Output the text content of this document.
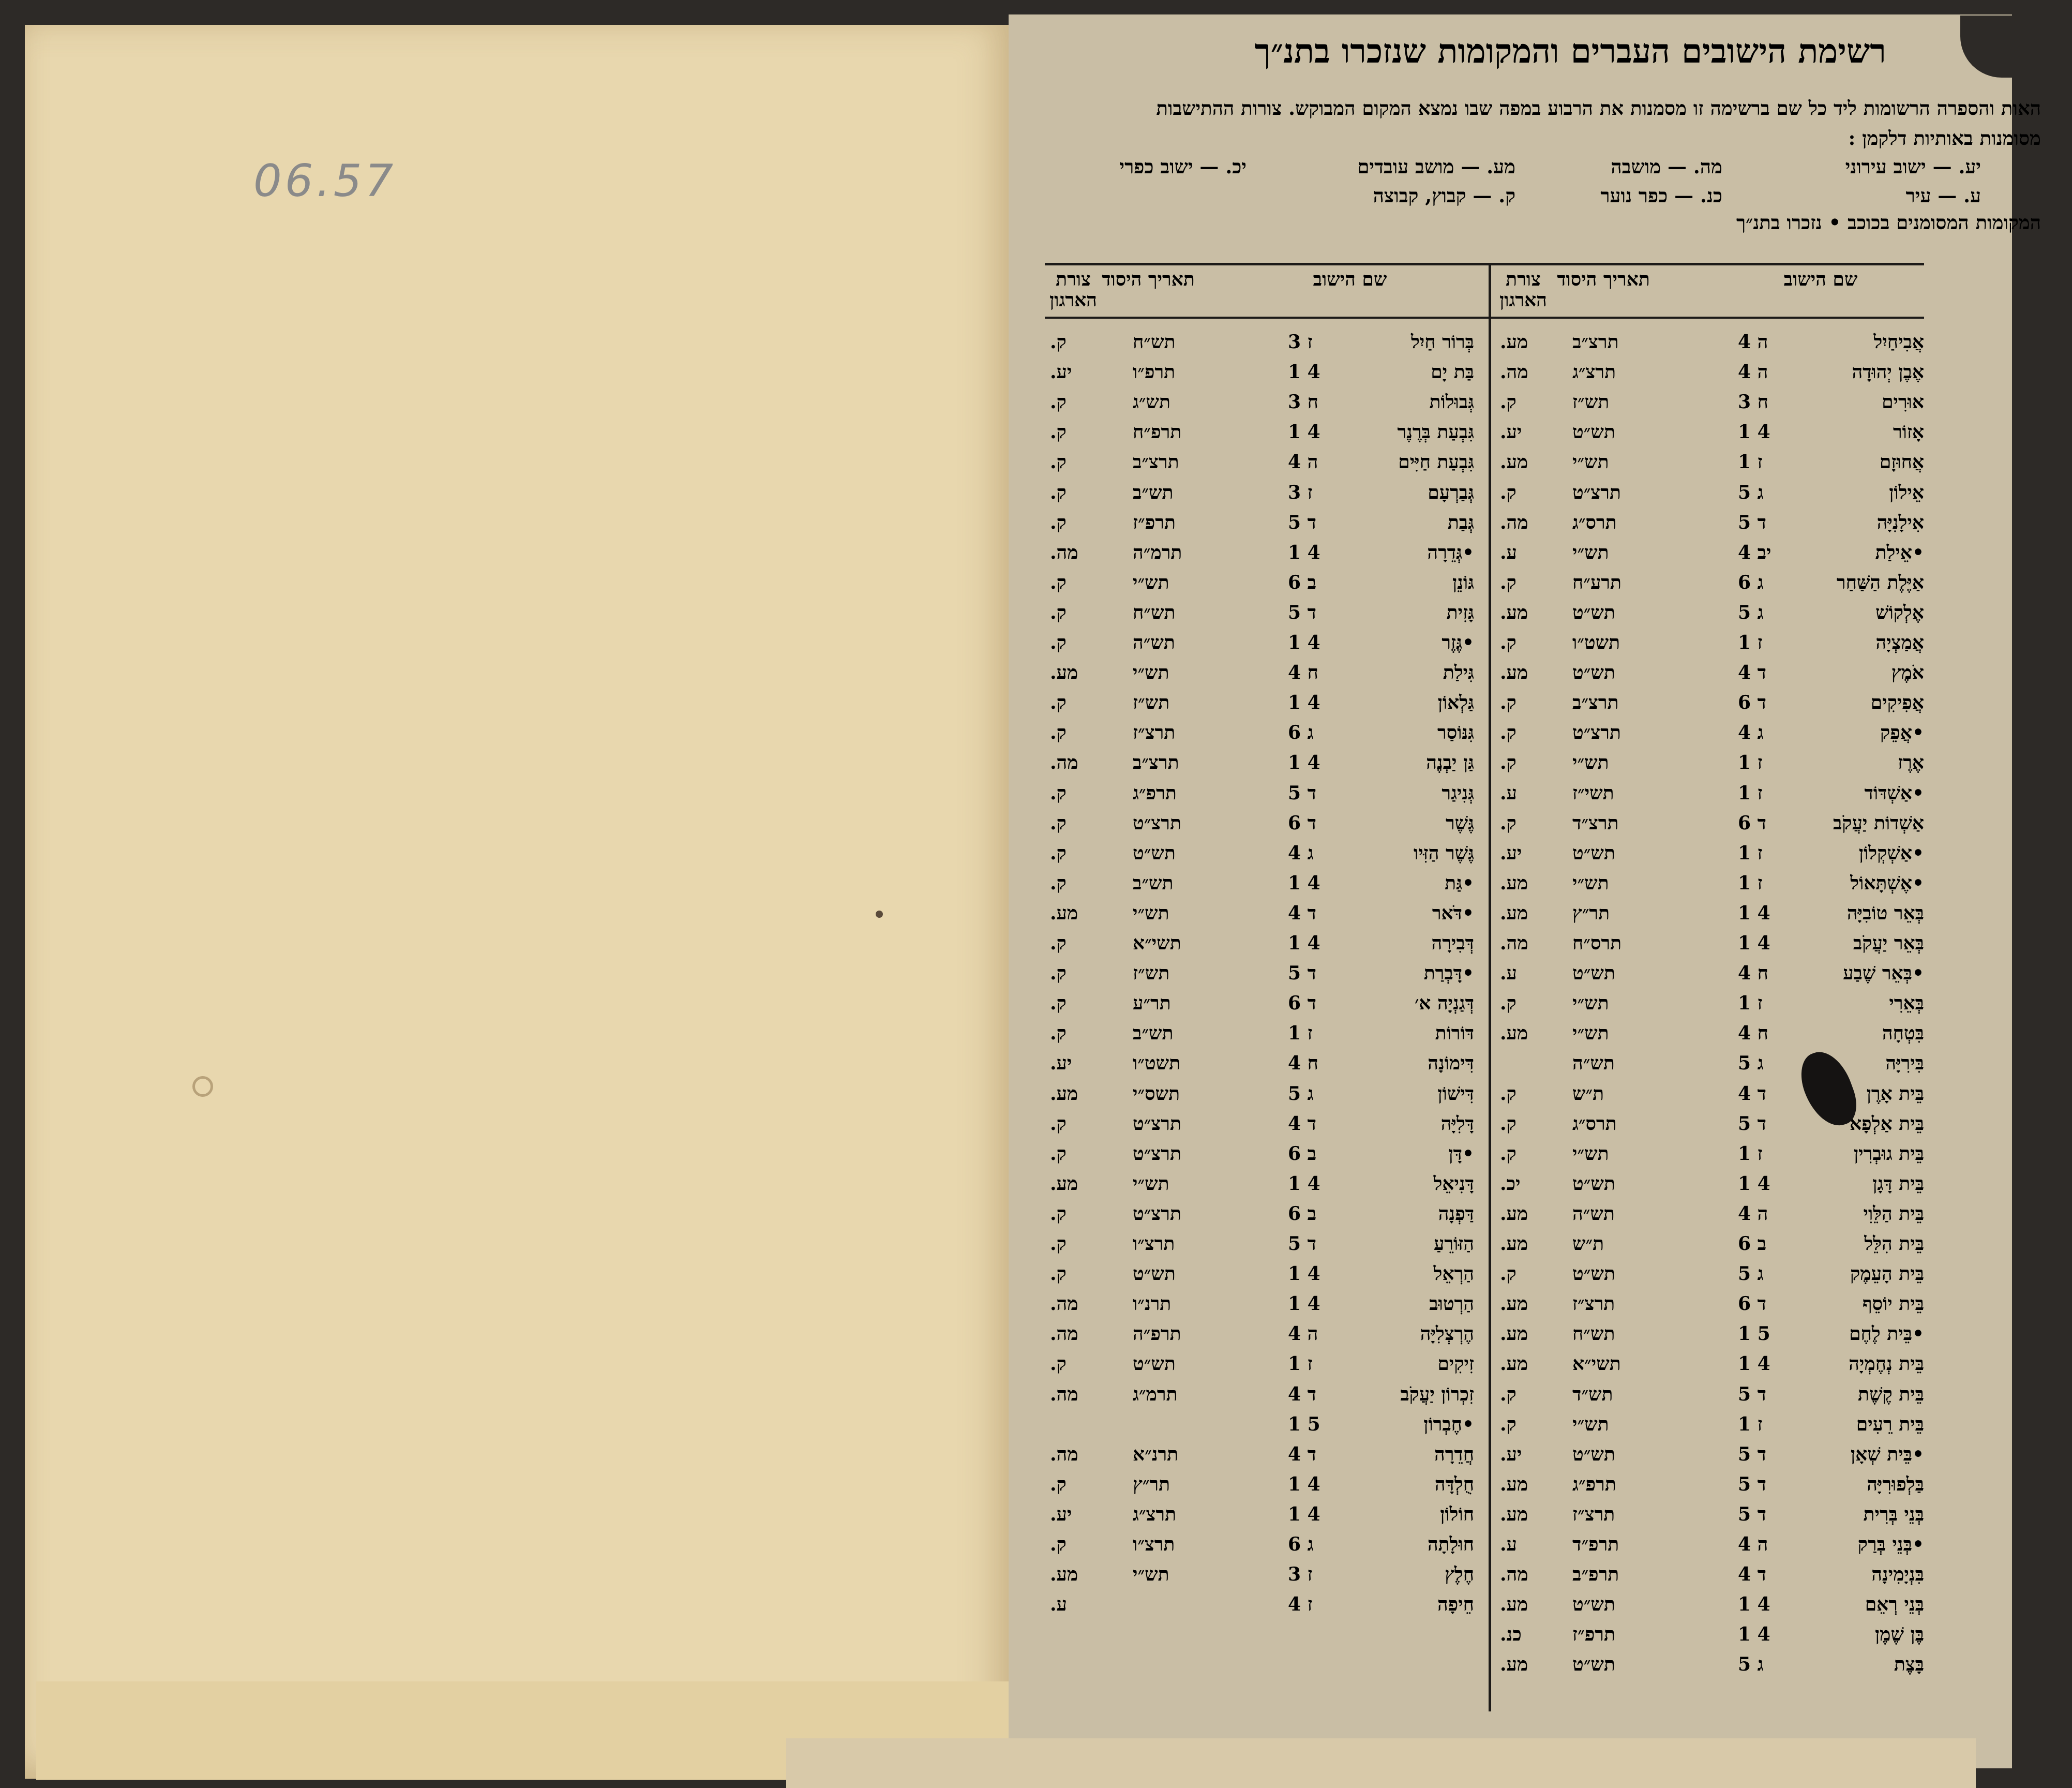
06.57
רשימת הישובים העברים והמקומות שנזכרו בתנ״ך
האות והספרה הרשומות ליד כל שם ברשימה זו מסמנות את הרבוע במפה שבו נמצא המקום המבוקש. צורות ההתישבות מסומנות באותיות דלקמן :
יע. — ישוב עירוני
מה. — מושבה
מע. — מושב עובדים
יכ. — ישוב כפרי
ע. — עיר
כנ. — כפר נוער
ק. — קבוץ, קבוצה
המקומות המסומנים בכוכב • נזכרו בתנ״ך
שם הישוב
תאריך היסוד
צורת הארגון
שם הישוב
תאריך היסוד
צורת הארגון
אֲבִיחַיִל
4 ה
תרצ״ב
מע.
אֶבֶן יְהוּדָה
4 ה
תרצ״ג
מה.
אוּרִים
3 ח
תש״ז
ק.
אָזוֹר
1 4
תש״ט
יע.
אֲחוּזָם
1 ז
תש״י
מע.
אֵילוֹן
5 ג
תרצ״ט
ק.
אִילָנִיָּה
5 ד
תרס״ג
מה.
•אֵילַת
4 יב
תש״י
ע.
אַיֶּלֶת הַשַּׁחַר
6 ג
תרע״ח
ק.
אֶלְקוֹשׁ
5 ג
תש״ט
מע.
אֲמַצְיָה
1 ז
תשט״ו
ק.
אֹמֶץ
4 ד
תש״ט
מע.
אֲפִיקִים
6 ד
תרצ״ב
ק.
•אֲפֵק
4 ג
תרצ״ט
ק.
אֶרֶז
1 ז
תש״י
ק.
•אַשְׁדּוֹד
1 ז
תשי״ז
ע.
אַשְׁדוֹת יַעֲקֹב
6 ד
תרצ״ד
ק.
•אַשְׁקְלוֹן
1 ז
תש״ט
יע.
•אֶשְׁתָּאוֹל
1 ז
תש״י
מע.
בְּאֵר טוֹבִיָּה
1 4
תר״ץ
מע.
בְּאֵר יַעֲקֹב
1 4
תרס״ח
מה.
•בְּאֵר שֶׁבַע
4 ח
תש״ט
ע.
בְּאֵרִי
1 ז
תש״י
ק.
בִּטְחָה
4 ח
תש״י
מע.
בִּירִיָּה
5 ג
תש״ה
בֵּית אָרֶן
4 ד
ת״ש
ק.
בֵּית אַלְפָא
5 ד
תרס״ג
ק.
בֵּית גוּבְרִין
1 ז
תש״י
ק.
בֵּית דָּגָן
1 4
תש״ט
יכ.
בֵּית הַלֵּוִי
4 ה
תש״ה
מע.
בֵּית הִלֵּל
6 ב
ת״ש
מע.
בֵּית הָעֵמֶק
5 ג
תש״ט
ק.
בֵּית יוֹסֵף
6 ד
תרצ״ז
מע.
•בֵּית לֶחֶם
1 5
תש״ח
מע.
בֵּית נְחֶמְיָה
1 4
תשי״א
מע.
בֵּית קֶשֶׁת
5 ד
תש״ד
ק.
בֵּית רֵעִים
1 ז
תש״י
ק.
•בֵּית שְׁאָן
5 ד
תש״ט
יע.
בַּלְפוּרִיָּה
5 ד
תרפ״ג
מע.
בְּנֵי בְּרִית
5 ד
תרצ״ז
מע.
•בְּנֵי בְּרַק
4 ה
תרפ״ד
ע.
בִּנְיָמִינָה
4 ד
תרפ״ב
מה.
בְּנֵי רְאֵם
1 4
תש״ט
מע.
בֶּן שֶׁמֶן
1 4
תרפ״ז
כנ.
בָּצֶת
5 ג
תש״ט
מע.
בְּרוֹר חַיִל
3 ז
תש״ח
ק.
בַּת יָם
1 4
תרפ״ו
יע.
גְּבוּלוֹת
3 ח
תש״ג
ק.
גִּבְעַת בְּרֶנֶר
1 4
תרפ״ח
ק.
גִּבְעַת חַיִּים
4 ה
תרצ״ב
ק.
גְּבַרְעָם
3 ז
תש״ב
ק.
גְּבַת
5 ד
תרפ״ז
ק.
•גְּדֵרָה
1 4
תרמ״ה
מה.
גּוֹנֵן
6 ב
תש״י
ק.
גָּזִית
5 ד
תש״ח
ק.
•גֶּזֶר
1 4
תש״ה
ק.
גִּילַת
4 ח
תש״י
מע.
גַּלְאוֹן
1 4
תש״ז
ק.
גִּנּוֹסַר
6 ג
תרצ״ז
ק.
גַּן יַבְנֶה
1 4
תרצ״ב
מה.
גְּנִיגַר
5 ד
תרפ״ג
ק.
גֶּשֶׁר
6 ד
תרצ״ט
ק.
גֶּשֶׁר הַזִּיו
4 ג
תש״ט
ק.
•גַּת
1 4
תש״ב
ק.
•דֹּאר
4 ד
תש״י
מע.
דְּבִירָה
1 4
תשי״א
ק.
•דָּבְרַת
5 ד
תש״ז
ק.
דְּגַנְיָה א׳
6 ד
תר״ע
ק.
דּוֹרוֹת
1 ז
תש״ב
ק.
דִּימוֹנָה
4 ח
תשט״ו
יע.
דִּישׁוֹן
5 ג
תשס״י
מע.
דָּלִיָּה
4 ד
תרצ״ט
ק.
•דָּן
6 ב
תרצ״ט
ק.
דָּנִיאֵל
1 4
תש״י
מע.
דַּפְנָה
6 ב
תרצ״ט
ק.
הַזּוֹרֵעַ
5 ד
תרצ״ו
ק.
הַרְאֵל
1 4
תש״ט
ק.
הַרְטוּב
1 4
תרנ״ו
מה.
הֶרְצְלִיָּה
4 ה
תרפ״ה
מה.
זִיקִים
1 ז
תש״ט
ק.
זִכְרוֹן יַעֲקֹב
4 ד
תרמ״ג
מה.
•חֶבְרוֹן
1 5
חֲדֵרָה
4 ד
תרנ״א
מה.
חֻלְדָּה
1 4
תר״ץ
ק.
חוֹלוֹן
1 4
תרצ״ג
יע.
חוּלָתָה
6 ג
תרצ״ו
ק.
חֶלֶץ
3 ז
תש״י
מע.
חֵיפָה
4 ז
ע.
